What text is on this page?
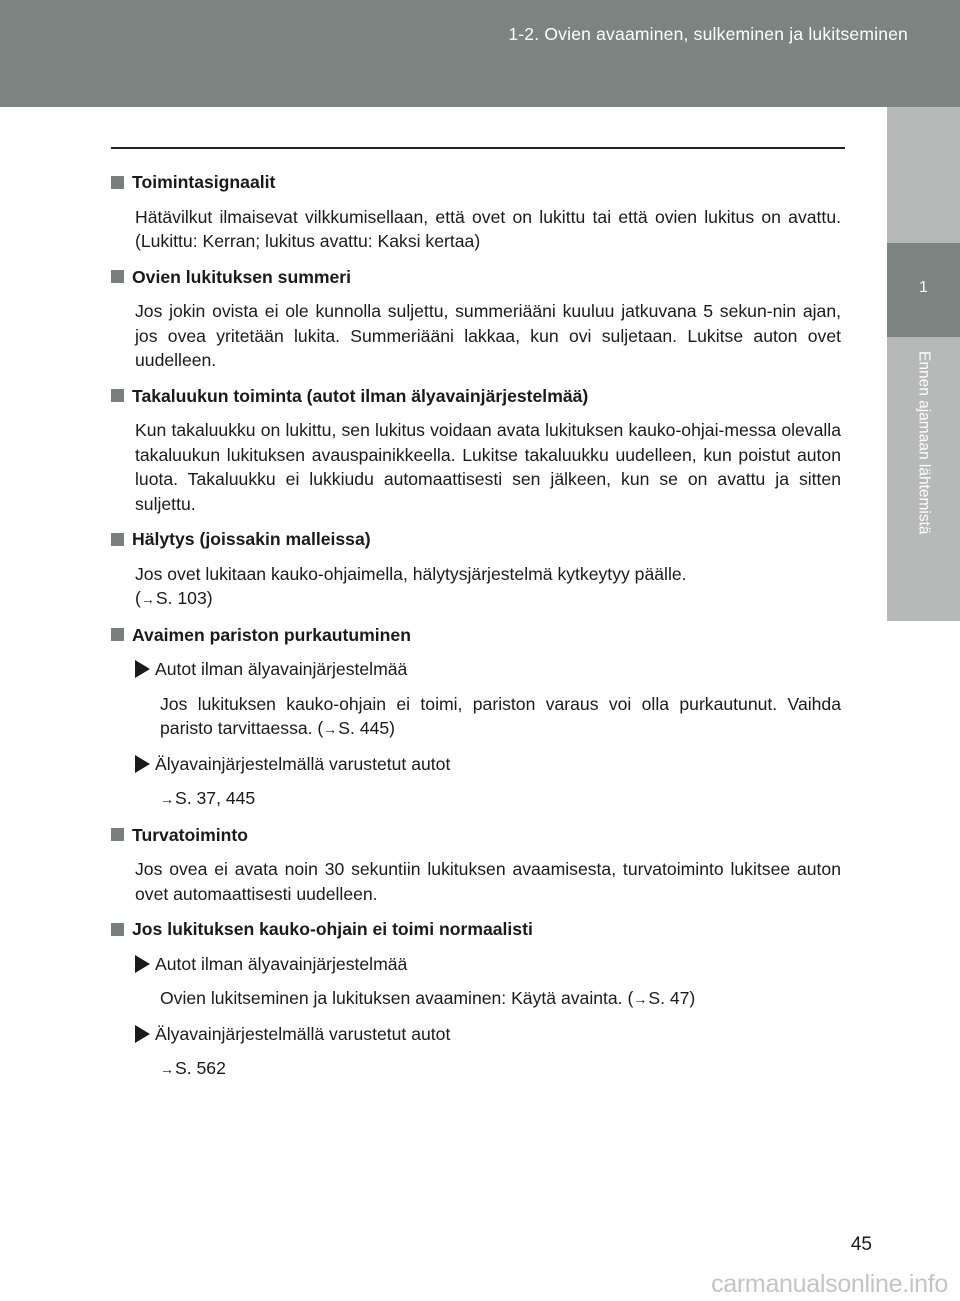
1-2. Ovien avaaminen, sulkeminen ja lukitseminen
1
Ennen ajamaan lähtemistä
Toimintasignaalit
Hätävilkut ilmaisevat vilkkumisellaan, että ovet on lukittu tai että ovien lukitus on avattu. (Lukittu: Kerran; lukitus avattu: Kaksi kertaa)
Ovien lukituksen summeri
Jos jokin ovista ei ole kunnolla suljettu, summeriääni kuuluu jatkuvana 5 sekun-nin ajan, jos ovea yritetään lukita. Summeriääni lakkaa, kun ovi suljetaan. Lukitse auton ovet uudelleen.
Takaluukun toiminta (autot ilman älyavainjärjestelmää)
Kun takaluukku on lukittu, sen lukitus voidaan avata lukituksen kauko-ohjai-messa olevalla takaluukun lukituksen avauspainikkeella. Lukitse takaluukku uudelleen, kun poistut auton luota. Takaluukku ei lukkiudu automaattisesti sen jälkeen, kun se on avattu ja sitten suljettu.
Hälytys (joissakin malleissa)
Jos ovet lukitaan kauko-ohjaimella, hälytysjärjestelmä kytkeytyy päälle.
(→S. 103)
Avaimen pariston purkautuminen
Autot ilman älyavainjärjestelmää
Jos lukituksen kauko-ohjain ei toimi, pariston varaus voi olla purkautunut. Vaihda paristo tarvittaessa. (→S. 445)
Älyavainjärjestelmällä varustetut autot
→S. 37, 445
Turvatoiminto
Jos ovea ei avata noin 30 sekuntiin lukituksen avaamisesta, turvatoiminto lukitsee auton ovet automaattisesti uudelleen.
Jos lukituksen kauko-ohjain ei toimi normaalisti
Autot ilman älyavainjärjestelmää
Ovien lukitseminen ja lukituksen avaaminen: Käytä avainta. (→S. 47)
Älyavainjärjestelmällä varustetut autot
→S. 562
45
carmanualsonline.info
